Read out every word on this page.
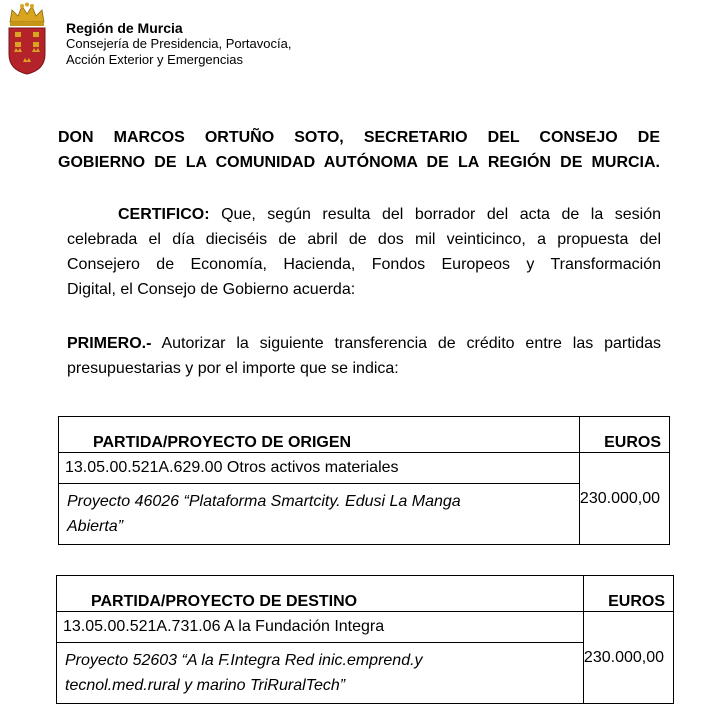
Región de Murcia

Consejería de Presidencia, Portavocía,

Acción Exterior y Emergencias

DON MARCOS ORTUÑO SOTO, SECRETARIO DEL CONSEJO DE

GOBIERNO DE LA COMUNIDAD AUTÓNOMA DE LA REGIÓN DE MURCIA.

CERTIFICO: Que, según resulta del borrador del acta de la sesión
celebrada el día dieciséis de abril de dos mil veinticinco, a propuesta del
Consejero de Economía, Hacienda, Fondos Europeos y Transformación
Digital, el Consejo de Gobierno acuerda:
PRIMERO.- Autorizar la siguiente transferencia de crédito entre las partidas
presupuestarias y por el importe que se indica:
PARTIDA/PROYECTO DE ORIGEN	EUROS
13.05.00.521A.629.00 Otros activos materiales	230.000,00
Proyecto 46026 “Plataforma Smartcity. Edusi La Manga
Abierta”	
PARTIDA/PROYECTO DE DESTINO	EUROS
13.05.00.521A.731.06 A la Fundación Integra	230.000,00
Proyecto 52603 “A la F.Integra Red inic.emprend.y
tecnol.med.rural y marino TriRuralTech”	
